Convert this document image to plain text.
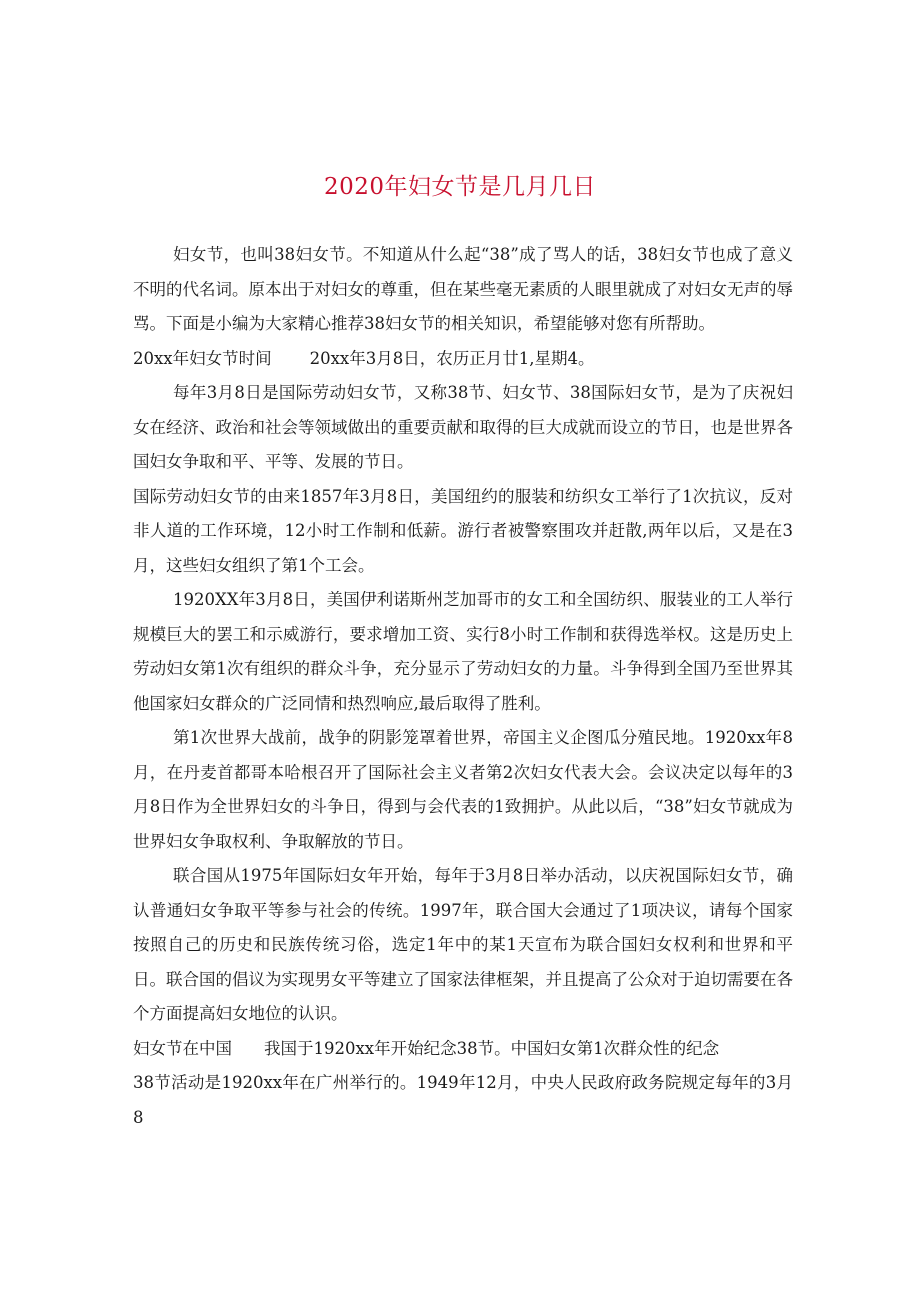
2020年妇女节是几月几日

妇女节，也叫38妇女节。不知道从什么起“38”成了骂人的话，38妇女节也成了意义不明的代名词。原本出于对妇女的尊重，但在某些毫无素质的人眼里就成了对妇女无声的辱骂。下面是小编为大家精心推荐38妇女节的相关知识，希望能够对您有所帮助。

20xx年妇女节时间 20xx年3月8日，农历正月廿1,星期4。

每年3月8日是国际劳动妇女节，又称38节、妇女节、38国际妇女节，是为了庆祝妇女在经济、政治和社会等领域做出的重要贡献和取得的巨大成就而设立的节日，也是世界各国妇女争取和平、平等、发展的节日。

国际劳动妇女节的由来1857年3月8日，美国纽约的服装和纺织女工举行了1次抗议，反对非人道的工作环境，12小时工作制和低薪。游行者被警察围攻并赶散,两年以后，又是在3月，这些妇女组织了第1个工会。

1920XX年3月8日，美国伊利诺斯州芝加哥市的女工和全国纺织、服装业的工人举行规模巨大的罢工和示威游行，要求增加工资、实行8小时工作制和获得选举权。这是历史上劳动妇女第1次有组织的群众斗争，充分显示了劳动妇女的力量。斗争得到全国乃至世界其他国家妇女群众的广泛同情和热烈响应,最后取得了胜利。

第1次世界大战前，战争的阴影笼罩着世界，帝国主义企图瓜分殖民地。1920xx年8月，在丹麦首都哥本哈根召开了国际社会主义者第2次妇女代表大会。会议决定以每年的3月8日作为全世界妇女的斗争日，得到与会代表的1致拥护。从此以后，“38”妇女节就成为世界妇女争取权利、争取解放的节日。

联合国从1975年国际妇女年开始，每年于3月8日举办活动，以庆祝国际妇女节，确认普通妇女争取平等参与社会的传统。1997年，联合国大会通过了1项决议，请每个国家按照自己的历史和民族传统习俗，选定1年中的某1天宣布为联合国妇女权利和世界和平日。联合国的倡议为实现男女平等建立了国家法律框架，并且提高了公众对于迫切需要在各个方面提高妇女地位的认识。

妇女节在中国 我国于1920xx年开始纪念38节。中国妇女第1次群众性的纪念

38节活动是1920xx年在广州举行的。1949年12月，中央人民政府政务院规定每年的3月8
